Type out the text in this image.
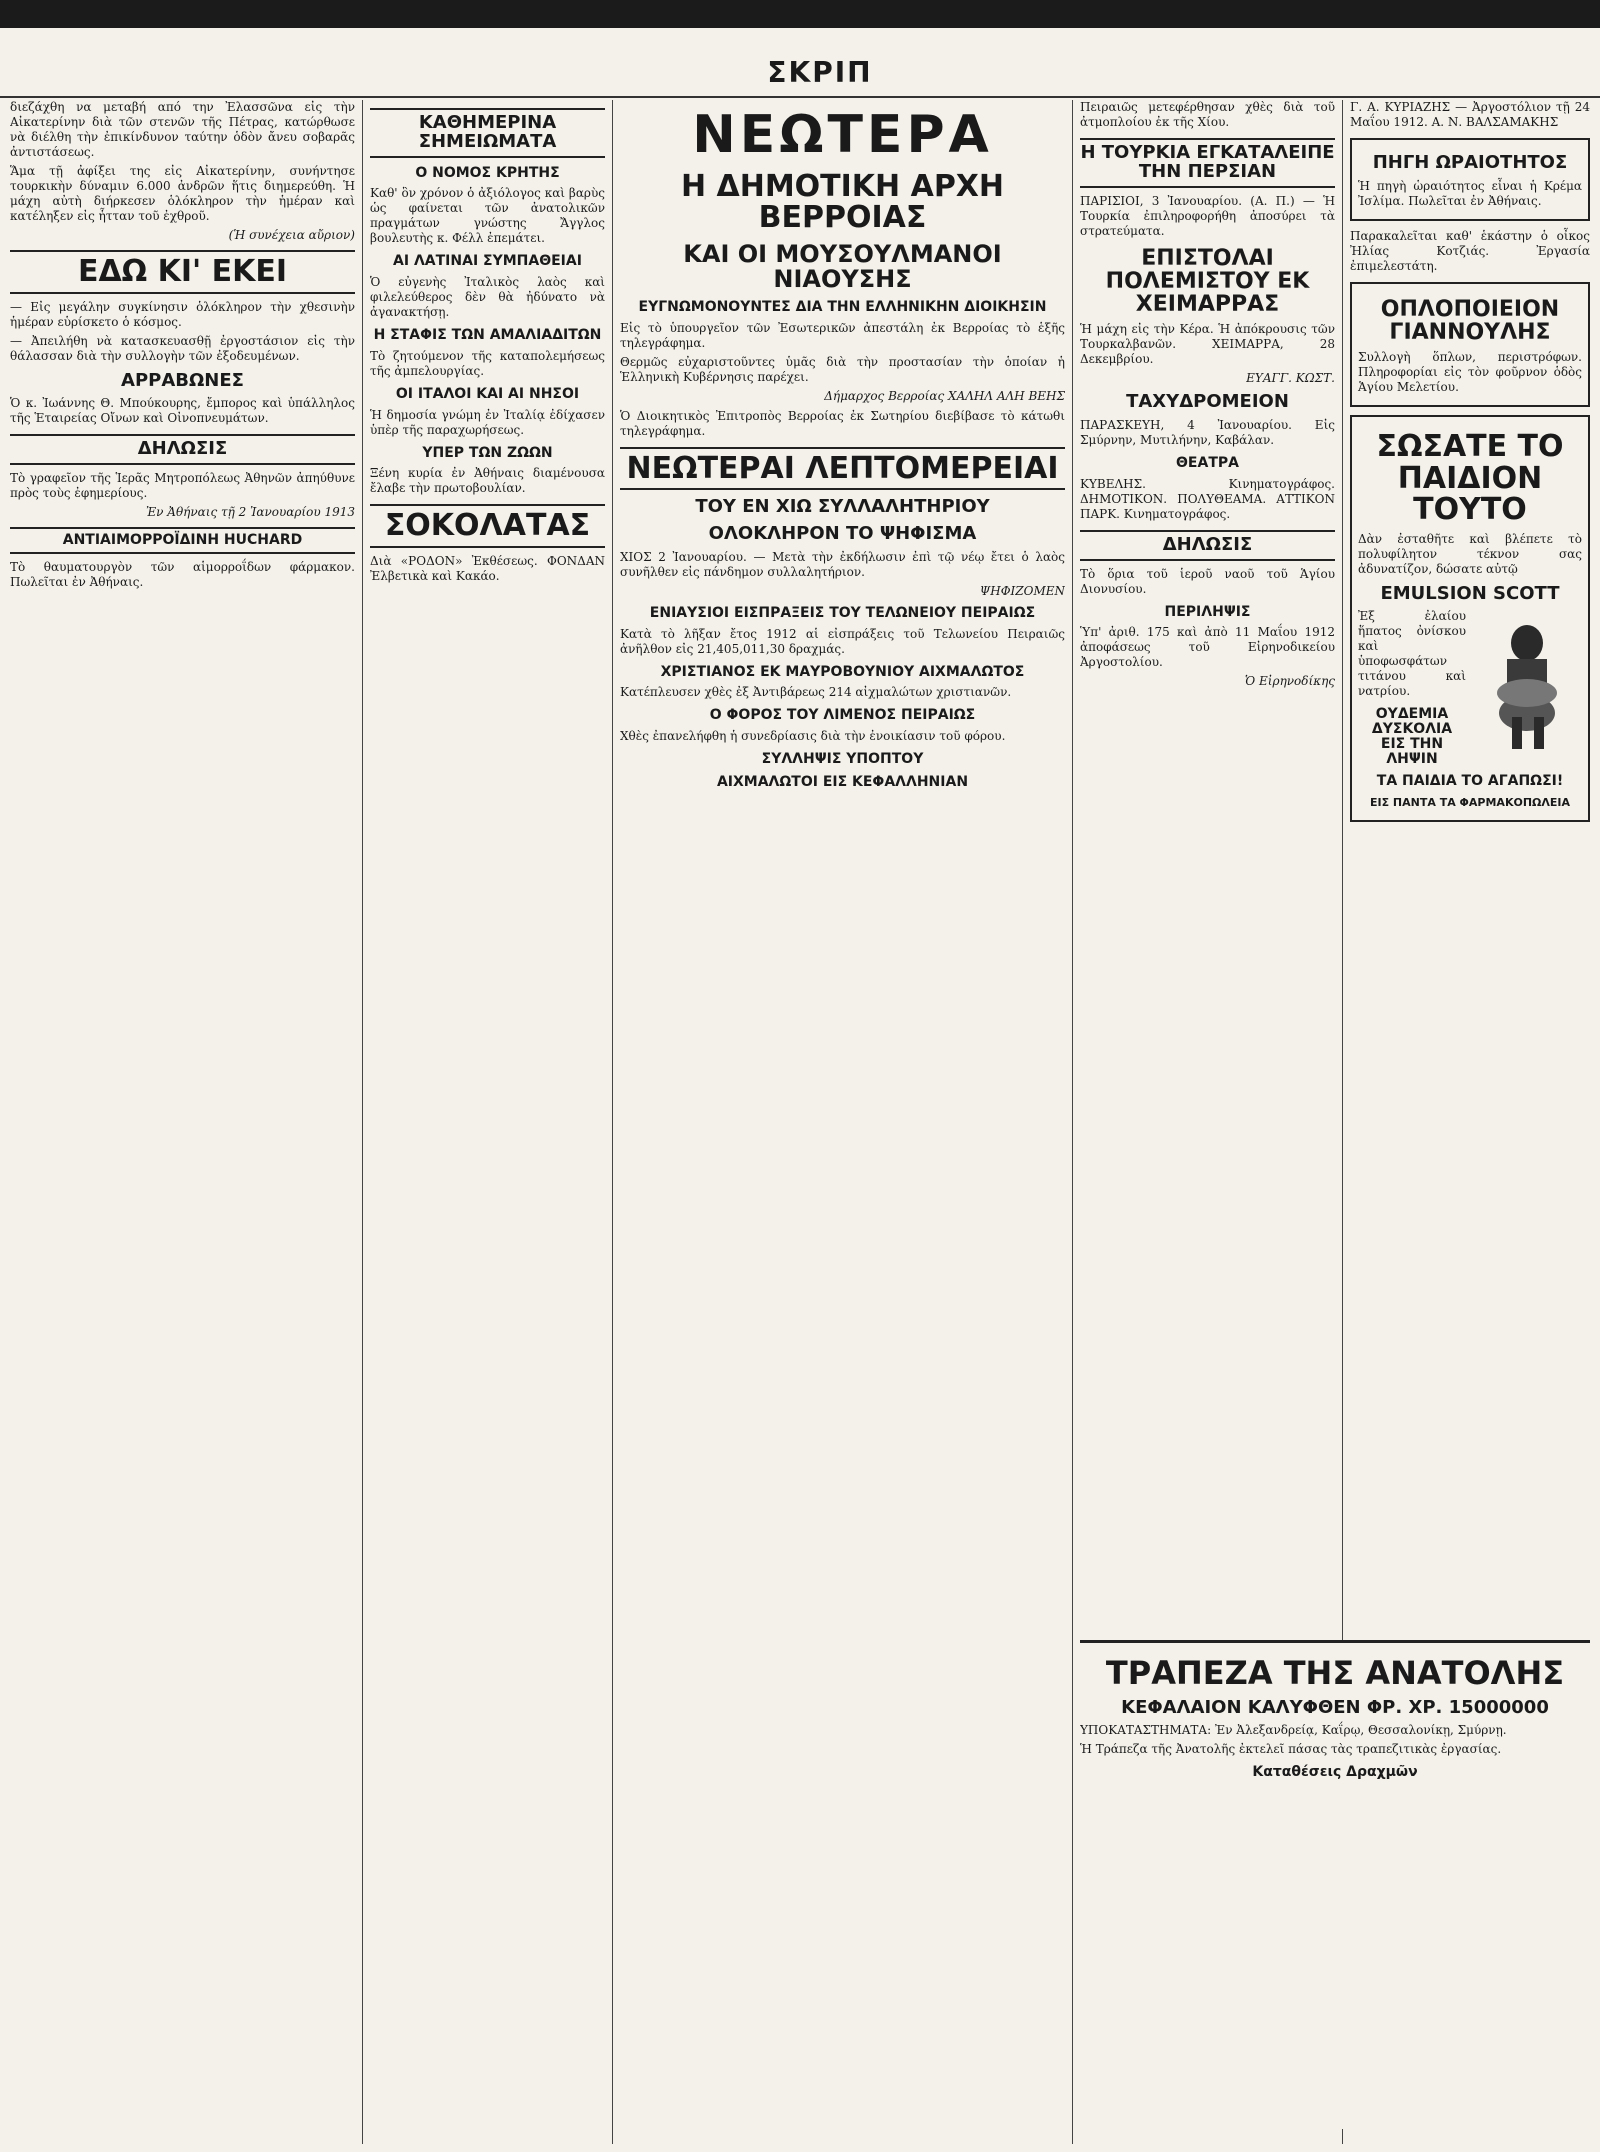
ΣΚΡΙΠ

διεζάχθη να μεταβή από την Ἐλασσῶνα εἰς τὴν Αἰκατερίνην διὰ τῶν στενῶν τῆς Πέτρας, κατώρθωσε νὰ διέλθη τὴν ἐπικίνδυνον ταύτην ὁδὸν ἄνευ σοβαρᾶς ἀντιστάσεως.

Ἅμα τῇ ἀφίξει της εἰς Αἰκατερίνην, συνήντησε τουρκικὴν δύναμιν 6.000 ἀνδρῶν ἥτις διημερεύθη. Ἡ μάχη αὐτὴ διήρκεσεν ὁλόκληρον τὴν ἡμέραν καὶ κατέληξεν εἰς ἧτταν τοῦ ἐχθροῦ.

(Ἡ συνέχεια αὔριον)
ΕΔΩ ΚΙ' ΕΚΕΙ

— Εἰς μεγάλην συγκίνησιν ὁλόκληρον τὴν χθεσινὴν ἡμέραν εὑρίσκετο ὁ κόσμος.

— Ἀπειλήθη νὰ κατασκευασθῇ ἐργοστάσιον εἰς τὴν θάλασσαν διὰ τὴν συλλογὴν τῶν ἐξοδευμένων.

ΑΡΡΑΒΩΝΕΣ

Ὁ κ. Ἰωάννης Θ. Μπούκουρης, ἔμπορος καὶ ὑπάλληλος τῆς Ἑταιρείας Οἴνων καὶ Οἰνοπνευμάτων.

ΔΗΛΩΣΙΣ

Τὸ γραφεῖον τῆς Ἱερᾶς Μητροπόλεως Ἀθηνῶν ἀπηύθυνε πρὸς τοὺς ἐφημερίους.

Ἐν Ἀθήναις τῇ 2 Ἰανουαρίου 1913
ΑΝΤΙΑΙΜΟΡΡΟΪΔΙΝΗ HUCHARD

Τὸ θαυματουργὸν τῶν αἱμορροΐδων φάρμακον. Πωλεῖται ἐν Ἀθήναις.

ΚΑΘΗΜΕΡΙΝΑ ΣΗΜΕΙΩΜΑΤΑ
Ο ΝΟΜΟΣ ΚΡΗΤΗΣ

Καθ' ὃν χρόνον ὁ ἀξιόλογος καὶ βαρὺς ὡς φαίνεται τῶν ἀνατολικῶν πραγμάτων γνώστης Ἄγγλος βουλευτὴς κ. Φέλλ ἐπεμάτει.

ΑΙ ΛΑΤΙΝΑΙ ΣΥΜΠΑΘΕΙΑΙ

Ὁ εὐγενὴς Ἰταλικὸς λαὸς καὶ φιλελεύθερος δὲν θὰ ἠδύνατο νὰ ἀγανακτήσῃ.

Η ΣΤΑΦΙΣ ΤΩΝ ΑΜΑΛΙΑΔΙΤΩΝ

Τὸ ζητούμενον τῆς καταπολεμήσεως τῆς ἀμπελουργίας.

ΟΙ ΙΤΑΛΟΙ ΚΑΙ ΑΙ ΝΗΣΟΙ

Ἡ δημοσία γνώμη ἐν Ἰταλίᾳ ἐδίχασεν ὑπὲρ τῆς παραχωρήσεως.

ΥΠΕΡ ΤΩΝ ΖΩΩΝ

Ξένη κυρία ἐν Ἀθήναις διαμένουσα ἔλαβε τὴν πρωτοβουλίαν.

ΣΟΚΟΛΑΤΑΣ

Διὰ «ΡΟΔΟΝ» Ἐκθέσεως. ΦΟΝΔΑΝ Ἐλβετικὰ καὶ Κακάο.

ΝΕΩΤΕΡΑ
Η ΔΗΜΟΤΙΚΗ ΑΡΧΗ ΒΕΡΡΟΙΑΣ
ΚΑΙ ΟΙ ΜΟΥΣΟΥΛΜΑΝΟΙ ΝΙΑΟΥΣΗΣ
ΕΥΓΝΩΜΟΝΟΥΝΤΕΣ ΔΙΑ ΤΗΝ ΕΛΛΗΝΙΚΗΝ ΔΙΟΙΚΗΣΙΝ

Εἰς τὸ ὑπουργεῖον τῶν Ἐσωτερικῶν ἀπεστάλη ἐκ Βερροίας τὸ ἑξῆς τηλεγράφημα.

Θερμῶς εὐχαριστοῦντες ὑμᾶς διὰ τὴν προστασίαν τὴν ὁποίαν ἡ Ἑλληνικὴ Κυβέρνησις παρέχει.

Δήμαρχος Βερροίας ΧΑΛΗΛ ΑΛΗ ΒΕΗΣ

Ὁ Διοικητικὸς Ἐπιτροπὸς Βερροίας ἐκ Σωτηρίου διεβίβασε τὸ κάτωθι τηλεγράφημα.

ΝΕΩΤΕΡΑΙ ΛΕΠΤΟΜΕΡΕΙΑΙ
ΤΟΥ ΕΝ ΧΙΩ ΣΥΛΛΑΛΗΤΗΡΙΟΥ
ΟΛΟΚΛΗΡΟΝ ΤΟ ΨΗΦΙΣΜΑ

ΧΙΟΣ 2 Ἰανουαρίου. — Μετὰ τὴν ἐκδήλωσιν ἐπὶ τῷ νέῳ ἔτει ὁ λαὸς συνῆλθεν εἰς πάνδημον συλλαλητήριον.

ΨΗΦΙΖΟΜΕΝ
ΕΝΙΑΥΣΙΟΙ ΕΙΣΠΡΑΞΕΙΣ ΤΟΥ ΤΕΛΩΝΕΙΟΥ ΠΕΙΡΑΙΩΣ

Κατὰ τὸ λῆξαν ἔτος 1912 αἱ εἰσπράξεις τοῦ Τελωνείου Πειραιῶς ἀνῆλθον εἰς 21,405,011,30 δραχμάς.

ΧΡΙΣΤΙΑΝΟΣ ΕΚ ΜΑΥΡΟΒΟΥΝΙΟΥ ΑΙΧΜΑΛΩΤΟΣ

Κατέπλευσεν χθὲς ἐξ Ἀντιβάρεως 214 αἰχμαλώτων χριστιανῶν.

Ο ΦΟΡΟΣ ΤΟΥ ΛΙΜΕΝΟΣ ΠΕΙΡΑΙΩΣ

Χθὲς ἐπανελήφθη ἡ συνεδρίασις διὰ τὴν ἐνοικίασιν τοῦ φόρου.

ΣΥΛΛΗΨΙΣ ΥΠΟΠΤΟΥ
ΑΙΧΜΑΛΩΤΟΙ ΕΙΣ ΚΕΦΑΛΛΗΝΙΑΝ

Πειραιῶς μετεφέρθησαν χθὲς διὰ τοῦ ἀτμοπλοίου ἐκ τῆς Χίου.

Η ΤΟΥΡΚΙΑ ΕΓΚΑΤΑΛΕΙΠΕ ΤΗΝ ΠΕΡΣΙΑΝ

ΠΑΡΙΣΙΟΙ, 3 Ἰανουαρίου. (Α. Π.) — Ἡ Τουρκία ἐπιληροφορήθη ἀποσύρει τὰ στρατεύματα.

ΕΠΙΣΤΟΛΑΙ ΠΟΛΕΜΙΣΤΟΥ ΕΚ ΧΕΙΜΑΡΡΑΣ

Ἡ μάχη εἰς τὴν Κέρα. Ἡ ἀπόκρουσις τῶν Τουρκαλβανῶν. ΧΕΙΜΑΡΡΑ, 28 Δεκεμβρίου.

ΕΥΑΓΓ. ΚΩΣΤ.
ΤΑΧΥΔΡΟΜΕΙΟΝ

ΠΑΡΑΣΚΕΥΗ, 4 Ἰανουαρίου. Εἰς Σμύρνην, Μυτιλήνην, Καβάλαν.

ΘΕΑΤΡΑ

ΚΥΒΕΛΗΣ. Κινηματογράφος. ΔΗΜΟΤΙΚΟΝ. ΠΟΛΥΘΕΑΜΑ. ΑΤΤΙΚΟΝ ΠΑΡΚ. Κινηματογράφος.

ΔΗΛΩΣΙΣ

Τὸ ὅρια τοῦ ἱεροῦ ναοῦ τοῦ Ἁγίου Διονυσίου.

ΠΕΡΙΛΗΨΙΣ

Ὑπ' ἀριθ. 175 καὶ ἀπὸ 11 Μαΐου 1912 ἀποφάσεως τοῦ Εἰρηνοδικείου Ἀργοστολίου.

Ὁ Εἰρηνοδίκης

Γ. Α. ΚΥΡΙΑΖΗΣ — Ἀργοστόλιον τῇ 24 Μαΐου 1912. Α. Ν. ΒΑΛΣΑΜΑΚΗΣ

ΠΗΓΗ ΩΡΑΙΟΤΗΤΟΣ

Ἡ πηγὴ ὡραιότητος εἶναι ἡ Κρέμα Ἰσλίμα. Πωλεῖται ἐν Ἀθήναις.

Παρακαλεῖται καθ' ἑκάστην ὁ οἶκος Ἠλίας Κοτζιάς. Ἐργασία ἐπιμελεστάτη.

ΟΠΛΟΠΟΙΕΙΟΝ ΓΙΑΝΝΟΥΛΗΣ

Συλλογὴ ὅπλων, περιστρόφων. Πληροφορίαι εἰς τὸν φοῦρνον ὁδὸς Ἁγίου Μελετίου.

ΣΩΣΑΤΕ ΤΟ ΠΑΙΔΙΟΝ ΤΟΥΤΟ

Δὰν ἐσταθῆτε καὶ βλέπετε τὸ πολυφίλητον τέκνον σας ἀδυνατίζον, δώσατε αὐτῷ

EMULSION SCOTT

Ἐξ ἐλαίου ἥπατος ὀνίσκου καὶ ὑποφωσφάτων τιτάνου καὶ νατρίου.

ΟΥΔΕΜΙΑ ΔΥΣΚΟΛΙΑ ΕΙΣ ΤΗΝ ΛΗΨΙΝ
ΤΑ ΠΑΙΔΙΑ ΤΟ ΑΓΑΠΩΣΙ!
ΕΙΣ ΠΑΝΤΑ ΤΑ ΦΑΡΜΑΚΟΠΩΛΕΙΑ
ΤΡΑΠΕΖΑ ΤΗΣ ΑΝΑΤΟΛΗΣ
ΚΕΦΑΛΑΙΟΝ ΚΑΛΥΦΘΕΝ ΦΡ. ΧΡ. 15000000

ΥΠΟΚΑΤΑΣΤΗΜΑΤΑ: Ἐν Ἀλεξανδρείᾳ, Καΐρῳ, Θεσσαλονίκῃ, Σμύρνῃ.

Ἡ Τράπεζα τῆς Ἀνατολῆς ἐκτελεῖ πάσας τὰς τραπεζιτικὰς ἐργασίας.

Καταθέσεις Δραχμῶν
